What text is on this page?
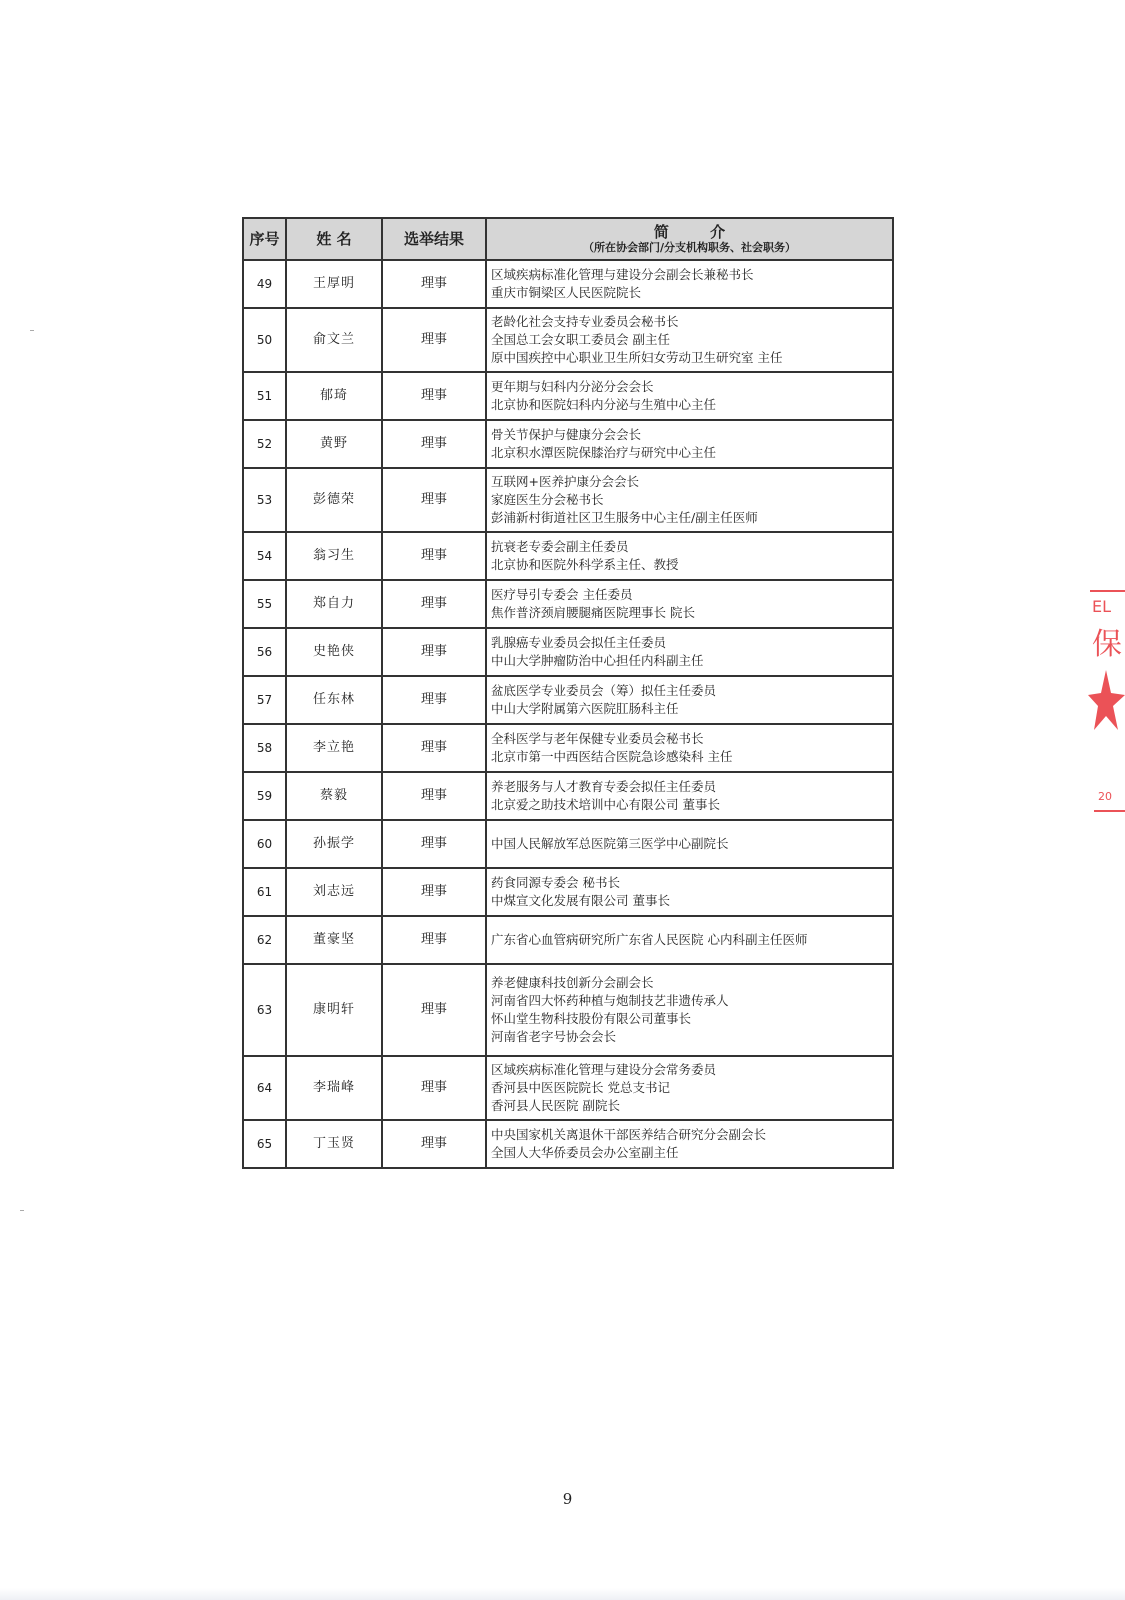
序号	姓 名	选举结果	简 介
（所在协会部门/分支机构职务、社会职务）

49	王厚明	理事	区域疾病标准化管理与建设分会副会长兼秘书长
重庆市铜梁区人民医院院长

50	俞文兰	理事	老龄化社会支持专业委员会秘书长
全国总工会女职工委员会 副主任
原中国疾控中心职业卫生所妇女劳动卫生研究室 主任

51	郁琦	理事	更年期与妇科内分泌分会会长
北京协和医院妇科内分泌与生殖中心主任

52	黄野	理事	骨关节保护与健康分会会长
北京积水潭医院保膝治疗与研究中心主任

53	彭德荣	理事	互联网+医养护康分会会长
家庭医生分会秘书长
彭浦新村街道社区卫生服务中心主任/副主任医师

54	翁习生	理事	抗衰老专委会副主任委员
北京协和医院外科学系主任、教授

55	郑自力	理事	医疗导引专委会 主任委员
焦作普济颈肩腰腿痛医院理事长 院长

56	史艳侠	理事	乳腺癌专业委员会拟任主任委员
中山大学肿瘤防治中心担任内科副主任

57	任东林	理事	盆底医学专业委员会（筹）拟任主任委员
中山大学附属第六医院肛肠科主任

58	李立艳	理事	全科医学与老年保健专业委员会秘书长
北京市第一中西医结合医院急诊感染科 主任

59	蔡毅	理事	养老服务与人才教育专委会拟任主任委员
北京爱之助技术培训中心有限公司 董事长

60	孙振学	理事	中国人民解放军总医院第三医学中心副院长

61	刘志远	理事	药食同源专委会 秘书长
中煤宣文化发展有限公司 董事长

62	董豪坚	理事	广东省心血管病研究所广东省人民医院 心内科副主任医师

63	康明轩	理事	养老健康科技创新分会副会长
河南省四大怀药种植与炮制技艺非遗传承人
怀山堂生物科技股份有限公司董事长
河南省老字号协会会长

64	李瑞峰	理事	区域疾病标准化管理与建设分会常务委员
香河县中医医院院长 党总支书记
香河县人民医院 副院长

65	丁玉贤	理事	中央国家机关离退休干部医养结合研究分会副会长
全国人大华侨委员会办公室副主任
EL
保
20
9
